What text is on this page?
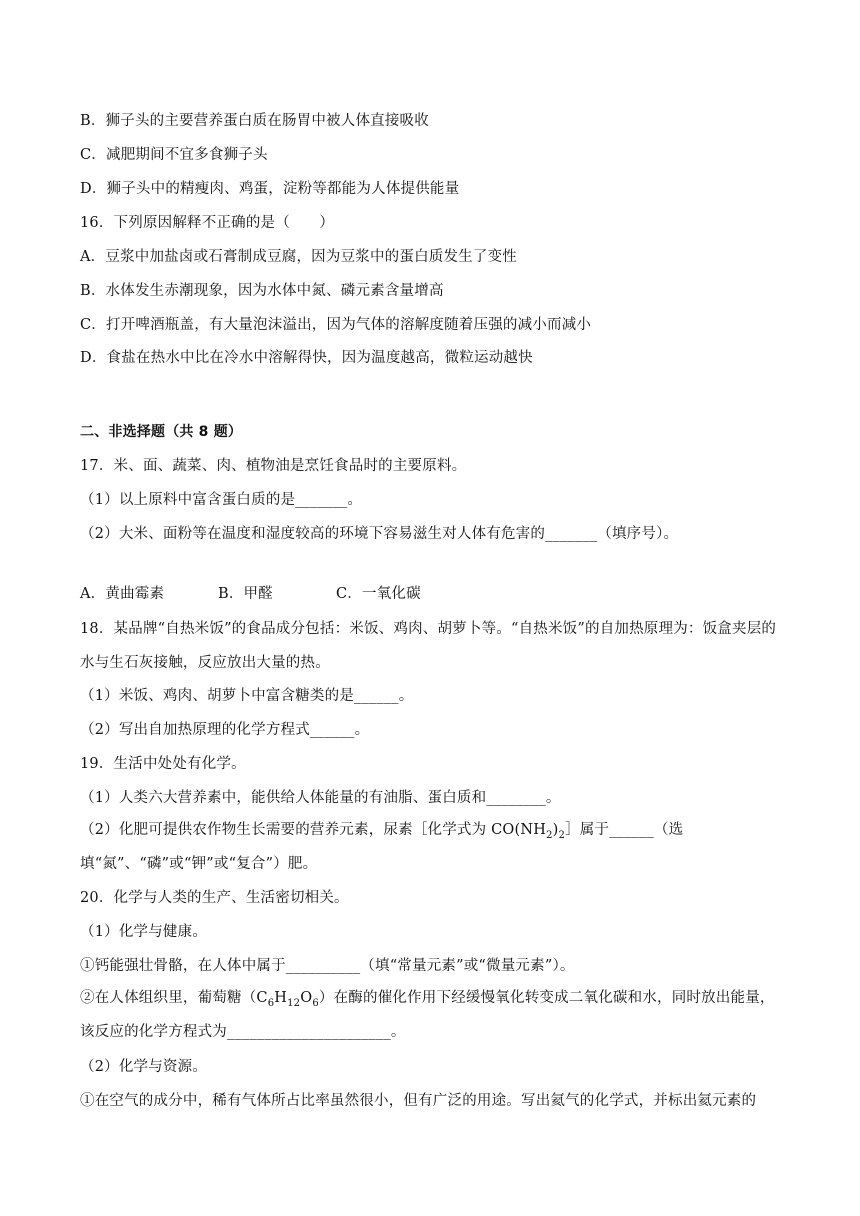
B．狮子头的主要营养蛋白质在肠胃中被人体直接吸收
C．减肥期间不宜多食狮子头
D．狮子头中的精瘦肉、鸡蛋，淀粉等都能为人体提供能量
16．下列原因解释不正确的是（　　）
A．豆浆中加盐卤或石膏制成豆腐，因为豆浆中的蛋白质发生了变性
B．水体发生赤潮现象，因为水体中氮、磷元素含量增高
C．打开啤酒瓶盖，有大量泡沫溢出，因为气体的溶解度随着压强的减小而减小
D．食盐在热水中比在冷水中溶解得快，因为温度越高，微粒运动越快
二、非选择题（共 8 题）
17．米、面、蔬菜、肉、植物油是烹饪食品时的主要原料。
（1）以上原料中富含蛋白质的是_______。
（2）大米、面粉等在温度和湿度较高的环境下容易滋生对人体有危害的_______（填序号）。
A．黄曲霉素	B．甲醛	C．一氧化碳
18．某品牌“自热米饭”的食品成分包括：米饭、鸡肉、胡萝卜等。“自热米饭”的自加热原理为：饭盒夹层的水与生石灰接触，反应放出大量的热。
（1）米饭、鸡肉、胡萝卜中富含糖类的是______。
（2）写出自加热原理的化学方程式______。
19．生活中处处有化学。
（1）人类六大营养素中，能供给人体能量的有油脂、蛋白质和________。
（2）化肥可提供农作物生长需要的营养元素，尿素［化学式为 $CO(NH_2)_2]$属于______（选填“氮”、“磷”或“钾”或“复合”）肥。
20．化学与人类的生产、生活密切相关。
（1）化学与健康。
①钙能强壮骨骼，在人体中属于__________（填“常量元素”或“微量元素”）。
②在人体组织里，葡萄糖$(C_6H_{12}O_6)$在酶的催化作用下经缓慢氧化转变成二氧化碳和水，同时放出能量，该反应的化学方程式为______________________。
（2）化学与资源。
①在空气的成分中，稀有气体所占比率虽然很小，但有广泛的用途。写出氦气的化学式，并标出氦元素的
